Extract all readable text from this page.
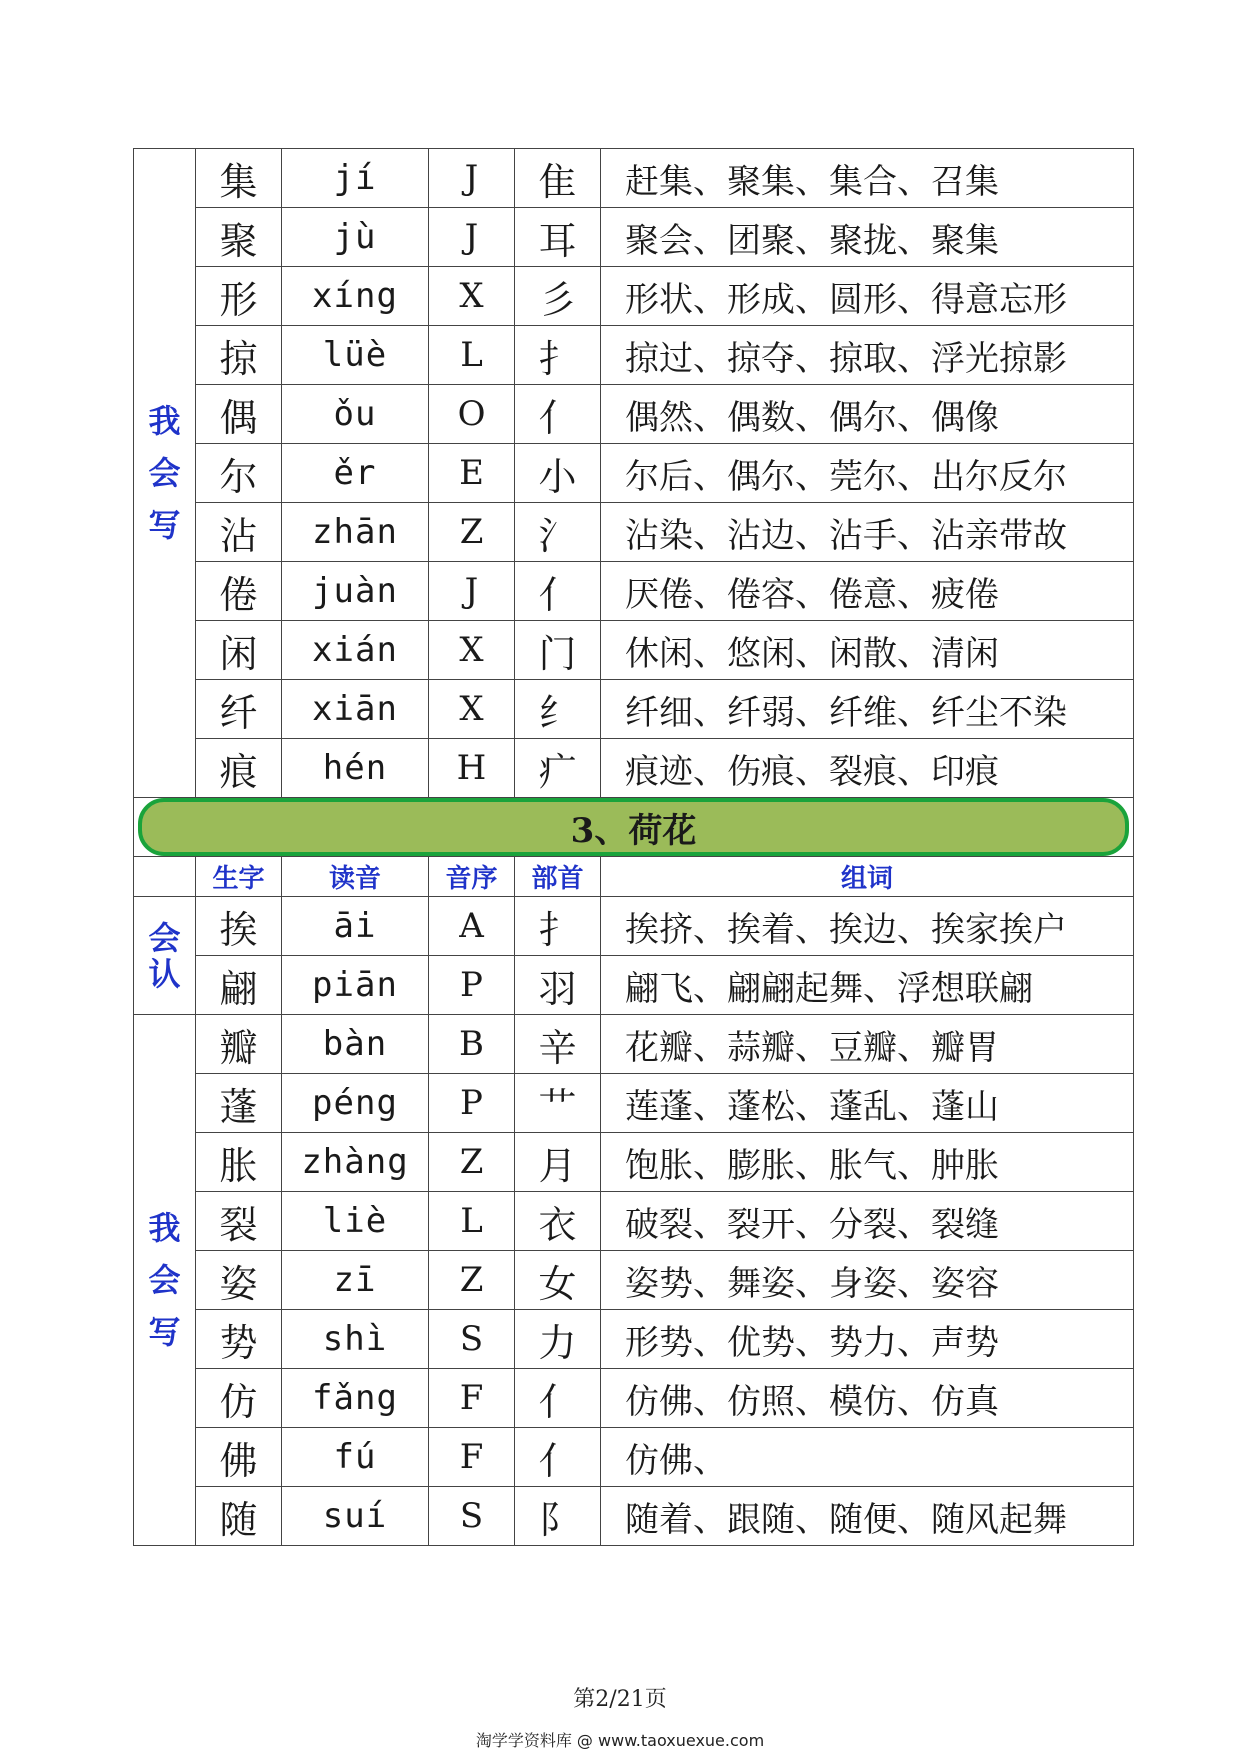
我
会
写	集	jí	J	隹	赶集、聚集、集合、召集
	聚	jù	J	耳	聚会、团聚、聚拢、聚集
	形	xíng	X	彡	形状、形成、圆形、得意忘形
	掠	lüè	L	扌	掠过、掠夺、掠取、浮光掠影
	偶	ǒu	O	亻	偶然、偶数、偶尔、偶像
	尔	ěr	E	小	尔后、偶尔、莞尔、出尔反尔
	沾	zhān	Z	氵	沾染、沾边、沾手、沾亲带故
	倦	juàn	J	亻	厌倦、倦容、倦意、疲倦
	闲	xián	X	门	休闲、悠闲、闲散、清闲
	纤	xiān	X	纟	纤细、纤弱、纤维、纤尘不染
	痕	hén	H	疒	痕迹、伤痕、裂痕、印痕

3、荷花					

	生字	读音	音序	部首	组词

会
认	挨	āi	A	扌	挨挤、挨着、挨边、挨家挨户
	翩	piān	P	羽	翩飞、翩翩起舞、浮想联翩

我
会
写	瓣	bàn	B	辛	花瓣、蒜瓣、豆瓣、瓣胃
	蓬	péng	P	艹	莲蓬、蓬松、蓬乱、蓬山
	胀	zhàng	Z	月	饱胀、膨胀、胀气、肿胀
	裂	liè	L	衣	破裂、裂开、分裂、裂缝
	姿	zī	Z	女	姿势、舞姿、身姿、姿容
	势	shì	S	力	形势、优势、势力、声势
	仿	fǎng	F	亻	仿佛、仿照、模仿、仿真
	佛	fú	F	亻	仿佛、
	随	suí	S	阝	随着、跟随、随便、随风起舞
第2/21页
淘学学资料库 @ www.taoxuexue.com
